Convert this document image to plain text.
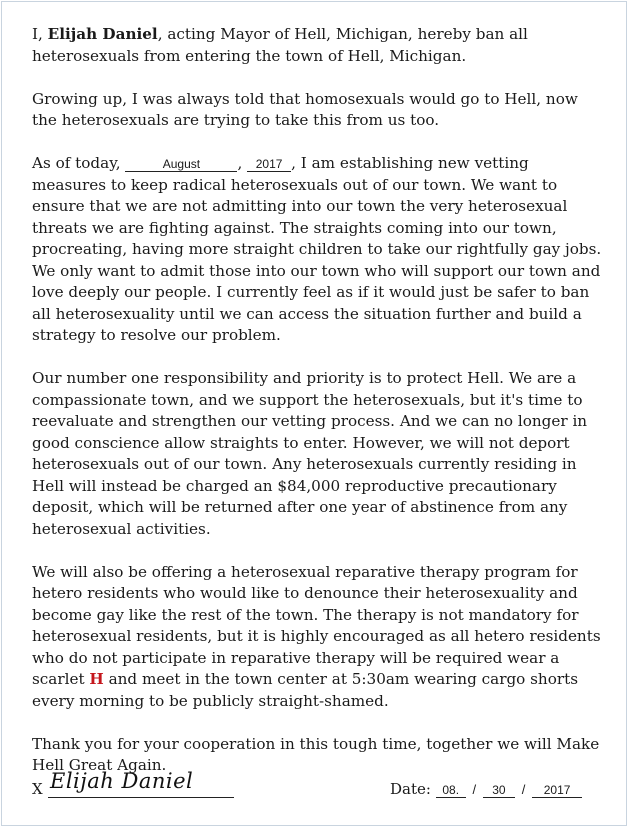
I, Elijah Daniel, acting Mayor of Hell, Michigan, hereby ban all heterosexuals from entering the town of Hell, Michigan.

Growing up, I was always told that homosexuals would go to Hell, now the heterosexuals are trying to take this from us too.

As of today,	August , 2017 , I am establishing new vetting measures to keep radical heterosexuals out of our town. We want to ensure that we are not admitting into our town the very heterosexual threats we are fighting against. The straights coming into our town, procreating, having more straight children to take our rightfully gay jobs. We only want to admit those into our town who will support our town and love deeply our people. I currently feel as if it would just be safer to ban all heterosexuality until we can access the situation further and build a strategy to resolve our problem.

Our number one responsibility and priority is to protect Hell. We are a compassionate town, and we support the heterosexuals, but it's time to reevaluate and strengthen our vetting process. And we can no longer in good conscience allow straights to enter. However, we will not deport heterosexuals out of our town. Any heterosexuals currently residing in Hell will instead be charged an $84,000 reproductive precautionary deposit, which will be returned after one year of abstinence from any heterosexual activities.

We will also be offering a heterosexual reparative therapy program for hetero residents who would like to denounce their heterosexuality and become gay like the rest of the town. The therapy is not mandatory for heterosexual residents, but it is highly encouraged as all hetero residents who do not participate in reparative therapy will be required wear a scarlet H and meet in the town center at 5:30am wearing cargo shorts every morning to be publicly straight-shamed.

Thank you for your cooperation in this tough time, together we will Make Hell Great Again.

X Elijah Daniel	Date: 08. / 30 / 2017
